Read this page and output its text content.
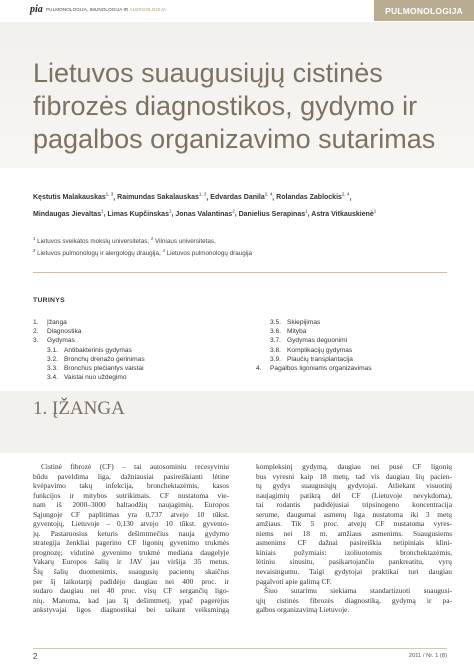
pia PULMONOLOGIJA, IMUNOLOGIJA IR ALERGOLOGIJA	PULMONOLOGIJA
Lietuvos suaugusiųjų cistinės fibrozės diagnostikos, gydymo ir pagalbos organizavimo sutarimas
Kęstutis Malakauskas$^{1, 3}$, Raimundas Sakalauskas$^{1, 3}$, Edvardas Danila$^{2, 4}$, Rolandas Zablockis$^{2, 4}$,
Mindaugas Jievaltas$^1$, Limas Kupčinskas$^1$, Jonas Valantinas$^2$, Danielius Serapinas$^1$, Astra Vitkauskienė$^1$
$^1$ Lietuvos sveikatos mokslų universitetas, $^2$ Vilniaus universitetas,
$^3$ Lietuvos pulmonologų ir alergologų draugija, $^4$ Lietuvos pulmonologų draugija
TURINYS
1. Įžanga
2. Diagnostika
3. Gydymas
3.1. Antibakterinis gydymas
3.2. Bronchų drenažo gerinimas
3.3. Bronchus plečiantys vaistai
3.4. Vaistai nuo uždegimo
3.5. Skiepijimas
3.6. Mityba
3.7. Gydymas deguonimi
3.8. Komplikacijų gydymas
3.9. Plaučių transplantacija
4. Pagalbos ligoniams organizavimas
1. ĮŽANGA

Cistinė fibrozė (CF) – tai autosominiu recesyviniu

būdu paveldima liga, dažniausiai pasireiškianti lėtine

kvėpavimo takų infekcija, bronchektazėmis, kasos

funkcijos ir mitybos sutrikimais. CF nustatoma vie-

nam iš 2000–3000 baltaodžių naujagimių. Europos

Sąjungoje CF paplitimas yra 0,737 atvejo 10 tūkst.

gyventojų, Lietuvoje – 0,130 atvejo 10 tūkst. gyvento-

jų. Pastaruosius keturis dešimtmečius nauja gydymo

strategija ženkliai pagerino CF ligonių gyvenimo trukmės

prognozę; vidutinė gyvenimo trukmė mediana daugelyje

Vakarų Europos šalių ir JAV jau viršija 35 metus.

Šių šalių duomenimis, suaugusių pacientų skaičius

per šį laikotarpį padidėjo daugiau nei 400 proc. ir

sudaro daugiau nei 40 proc. visų CF sergančių ligo-

nių. Manoma, kad jau šį dešimtmetį, ypač pagerėjus

ankstyvajai ligos diagnostikai bei taikant veiksmingą

kompleksinį gydymą, daugiau nei pusė CF ligonių

bus vyresni kaip 18 metų, tad vis daugiau šių pacien-

tų gydys suaugusiųjų gydytojai. Atliekant visuotinį

naujagimių patikrą dėl CF (Lietuvoje nevykdoma),

tai rodantis padidėjusiai tripsinogeno koncentracija

serume, daugumai asmenų liga nustatoma iki 3 metų

amžiaus. Tik 5 proc. atvejų CF nustatoma vyres-

niems nei 18 m. amžiaus asmenims. Suaugusiems

asmenims CF dažnai pasireiškia netipiniais klini-

kiniais požymiais: izoliuotomis bronchektazėmis,

lėtiniu sinusitu, pasikartojančiu pankreatitu, vyrų

nevaisingumu. Taigi gydytojai praktikai turi daugiau

pagalvoti apie galimą CF.

Šiuo sutarimu siekiama standartizuoti suaugusi-

ųjų cistinės fibrozės diagnostiką, gydymą ir pa-

galbos organizavimą Lietuvoje.

2	2011 / Nr. 1 (8)
